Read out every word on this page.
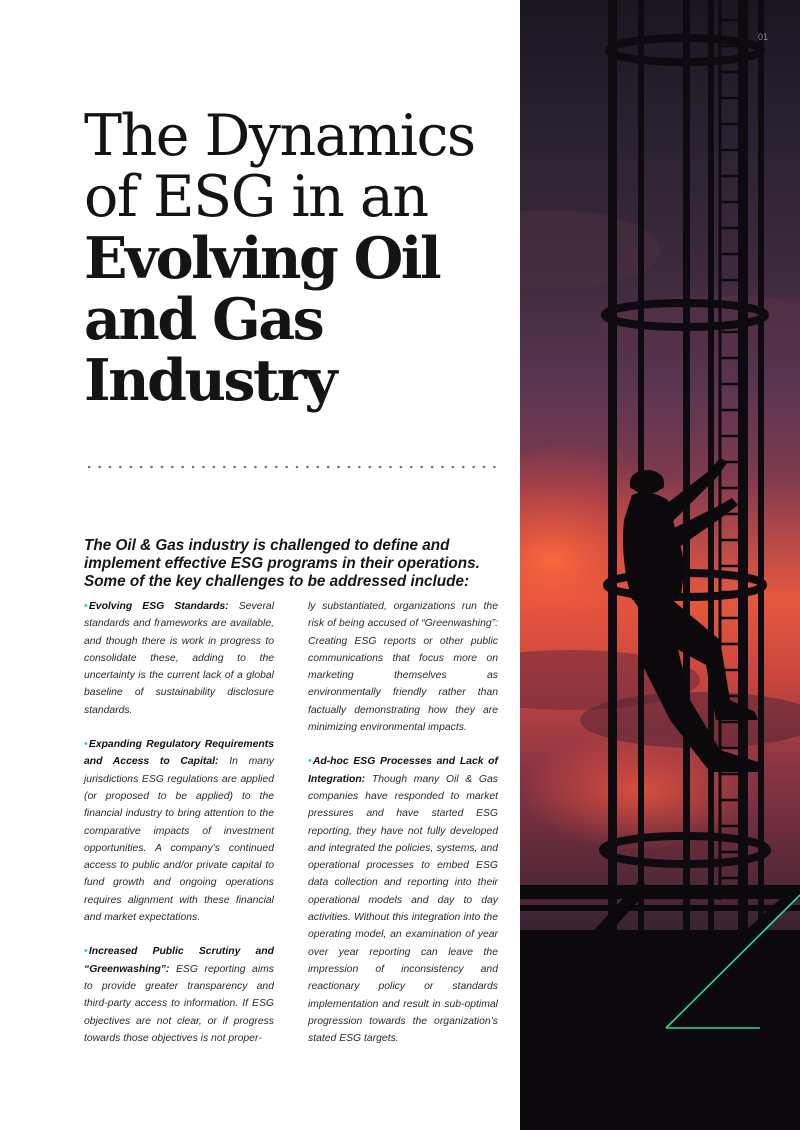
The Dynamics
of ESG in an
Evolving Oil
and Gas
Industry

The Oil & Gas industry is challenged to define and implement effective ESG programs in their operations. Some of the key challenges to be addressed include:

•Evolving ESG Standards: Several standards and frameworks are available, and though there is work in progress to consolidate these, adding to the uncertainty is the current lack of a global baseline of sustainability disclosure standards.

•Expanding Regulatory Requirements and Access to Capital: In many jurisdictions ESG regulations are applied (or proposed to be applied) to the financial industry to bring attention to the comparative impacts of investment opportunities. A company’s continued access to public and/or private capital to fund growth and ongoing operations requires alignment with these financial and market expectations.

•Increased Public Scrutiny and “Greenwashing”: ESG reporting aims to provide greater transparency and third-party access to information. If ESG objectives are not clear, or if progress towards those objectives is not proper-

ly substantiated, organizations run the risk of being accused of “Greenwashing”: Creating ESG reports or other public communications that focus more on marketing themselves as environmentally friendly rather than factually demonstrating how they are minimizing environmental impacts.

•Ad-hoc ESG Processes and Lack of Integration: Though many Oil & Gas companies have responded to market pressures and have started ESG reporting, they have not fully developed and integrated the policies, systems, and operational processes to embed ESG data collection and reporting into their operational models and day to day activities. Without this integration into the operating model, an examination of year over year reporting can leave the impression of inconsistency and reactionary policy or standards implementation and result in sub-optimal progression towards the organization’s stated ESG targets.

01
